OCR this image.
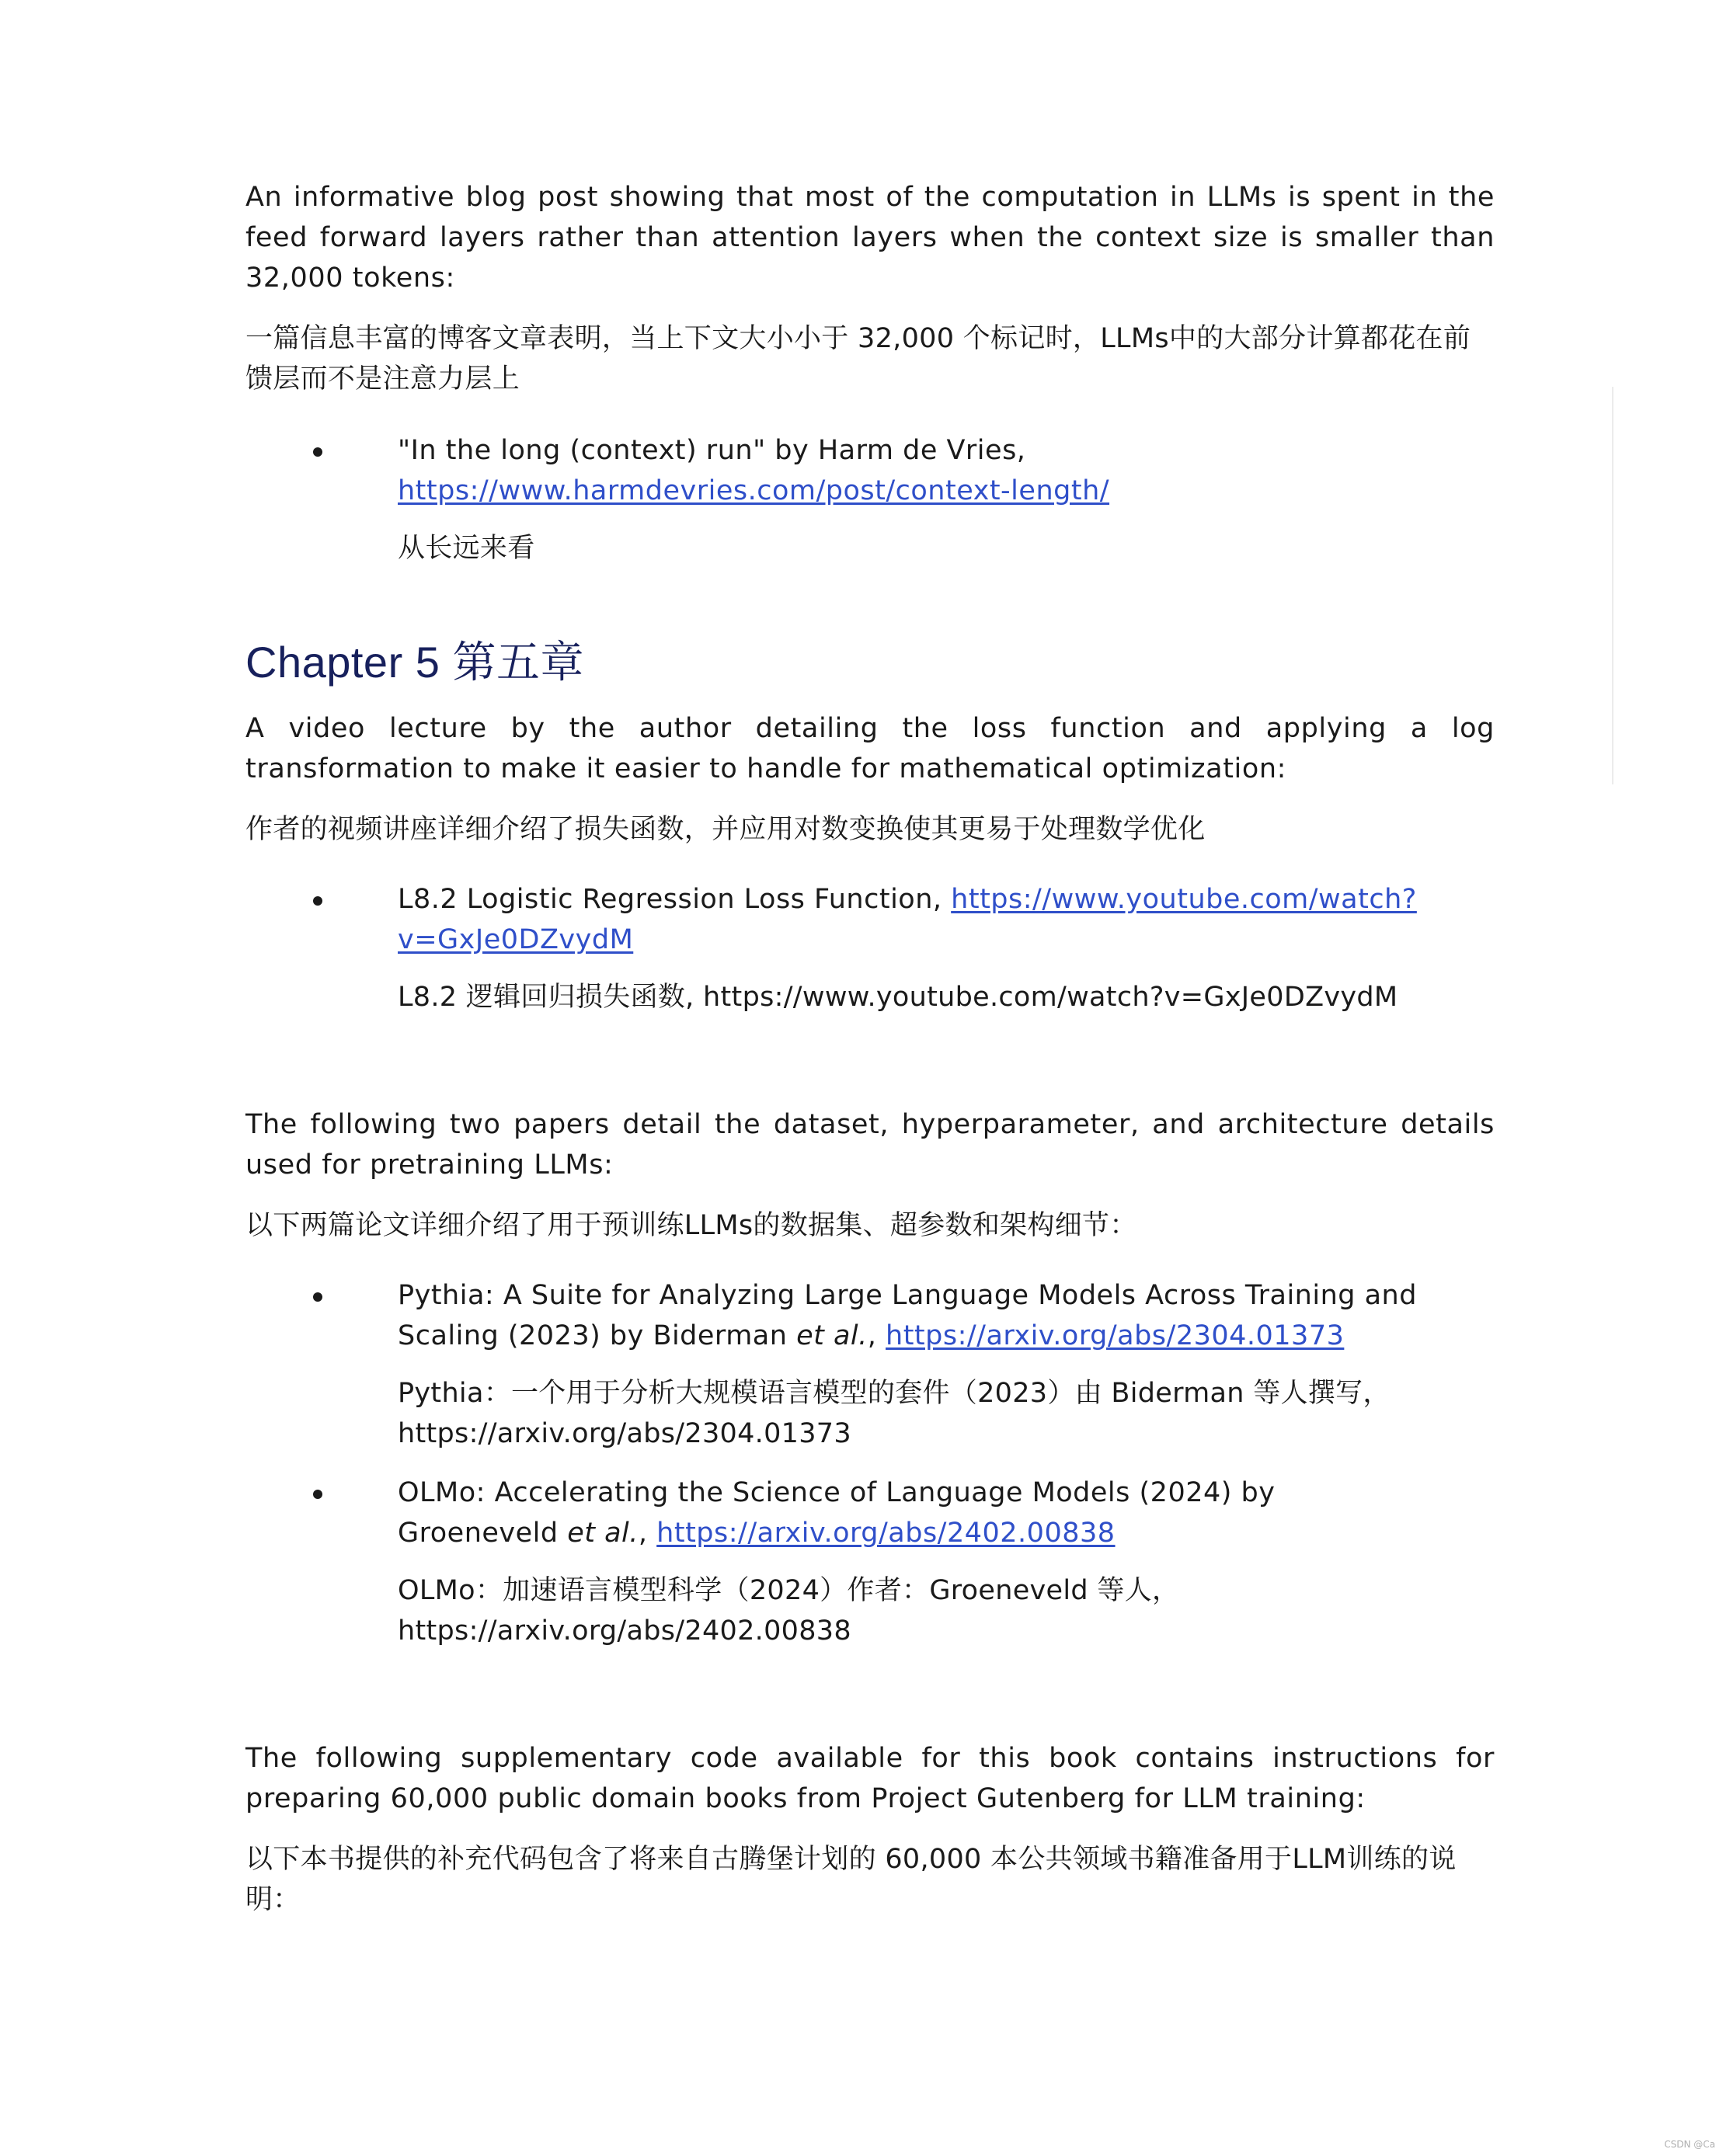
An informative blog post showing that most of the computation in LLMs is spent in the feed forward layers rather than attention layers when the context size is smaller than 32,000 tokens:

一篇信息丰富的博客文章表明，当上下文大小小于 32,000 个标记时，LLMs中的大部分计算都花在前馈层而不是注意力层上

"In the long (context) run" by Harm de Vries,
https://www.harmdevries.com/post/context-length/
从长远来看
Chapter 5 第五章

A video lecture by the author detailing the loss function and applying a log transformation to make it easier to handle for mathematical optimization:

作者的视频讲座详细介绍了损失函数，并应用对数变换使其更易于处理数学优化

L8.2 Logistic Regression Loss Function, https://www.youtube.com/watch?
v=GxJe0DZvydM
L8.2 逻辑回归损失函数, https://www.youtube.com/watch?v=GxJe0DZvydM

The following two papers detail the dataset, hyperparameter, and architecture details used for pretraining LLMs:

以下两篇论文详细介绍了用于预训练LLMs的数据集、超参数和架构细节：

Pythia: A Suite for Analyzing Large Language Models Across Training and
Scaling (2023) by Biderman et al., https://arxiv.org/abs/2304.01373
Pythia：一个用于分析大规模语言模型的套件（2023）由 Biderman 等人撰写，
https://arxiv.org/abs/2304.01373
OLMo: Accelerating the Science of Language Models (2024) by
Groeneveld et al., https://arxiv.org/abs/2402.00838
OLMo：加速语言模型科学（2024）作者：Groeneveld 等人，
https://arxiv.org/abs/2402.00838

The following supplementary code available for this book contains instructions for preparing 60,000 public domain books from Project Gutenberg for LLM training:

以下本书提供的补充代码包含了将来自古腾堡计划的 60,000 本公共领域书籍准备用于LLM训练的说明：

CSDN @Ca
